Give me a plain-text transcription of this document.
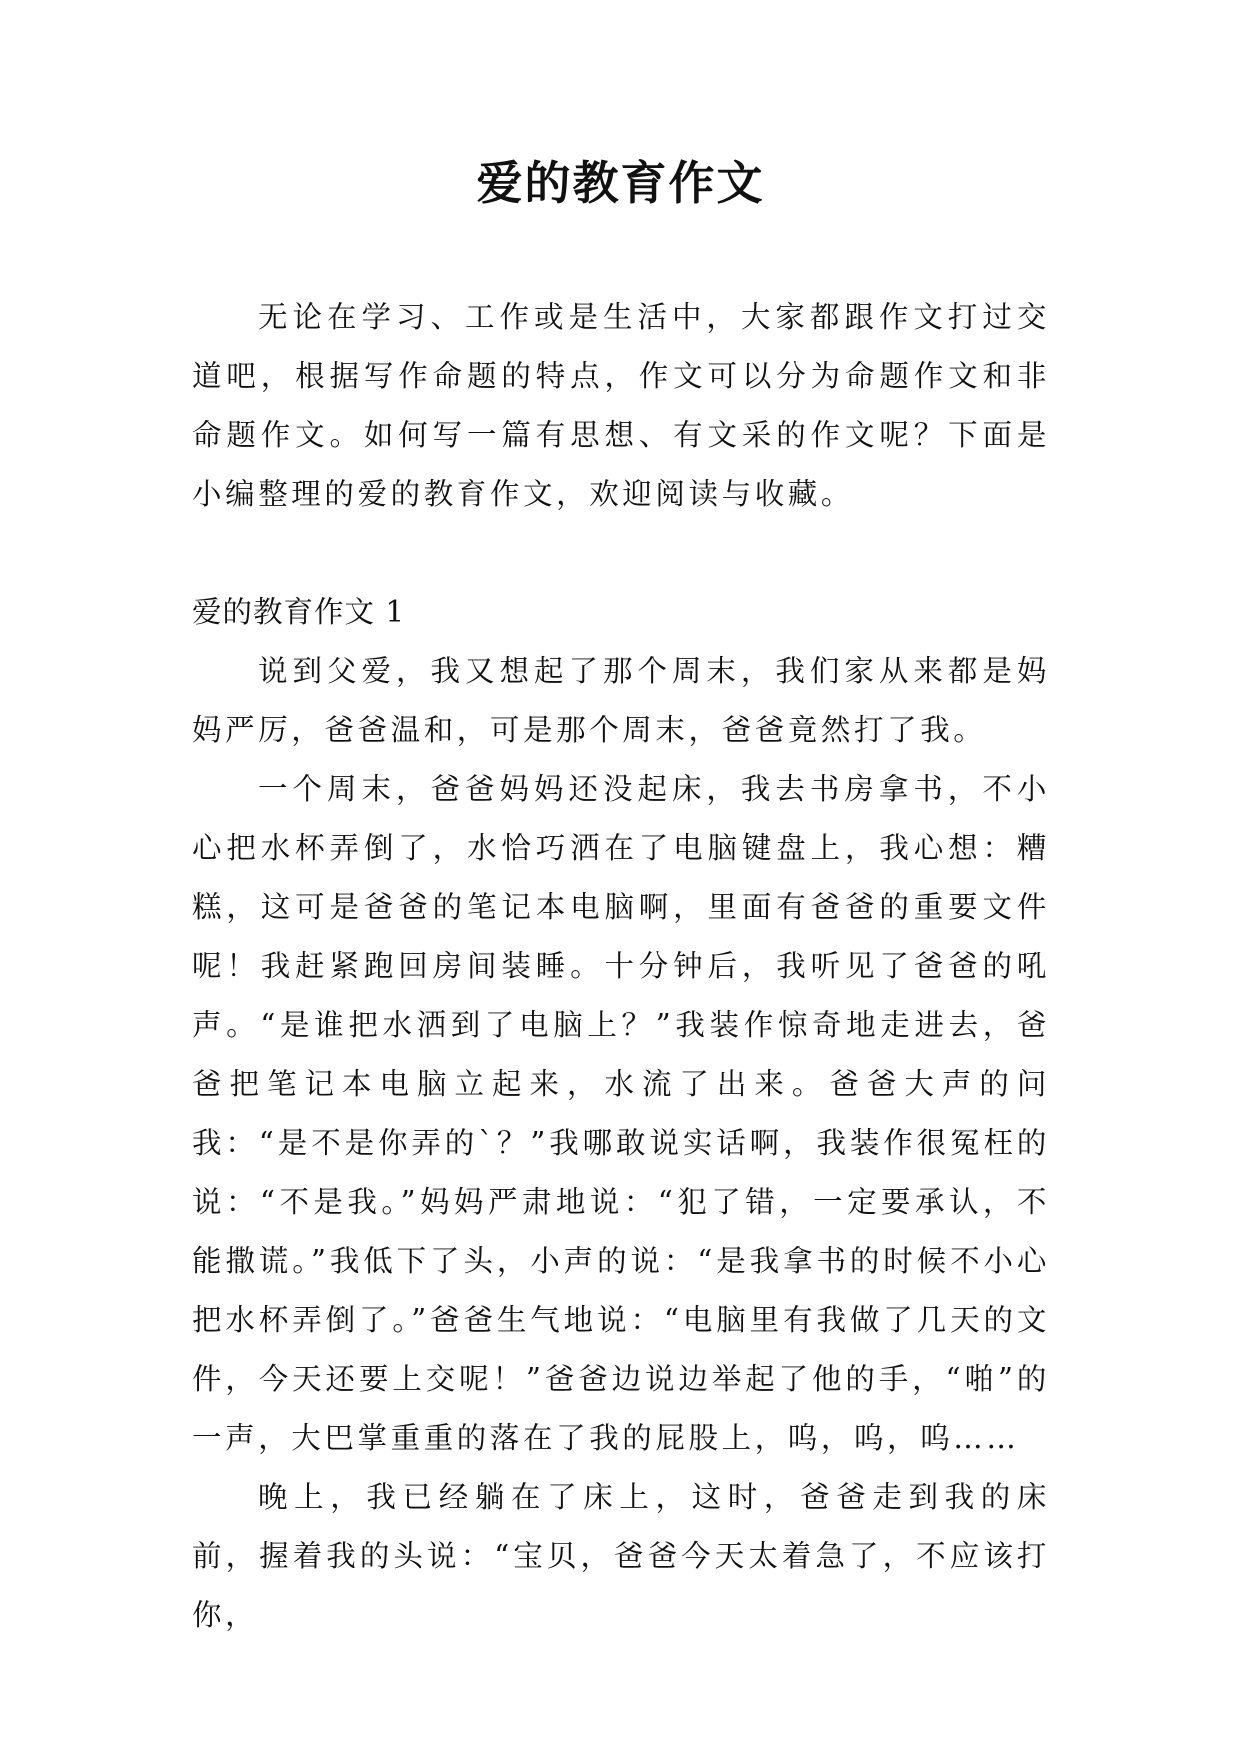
爱的教育作文

无论在学习、工作或是生活中，大家都跟作文打过交道吧，根据写作命题的特点，作文可以分为命题作文和非命题作文。如何写一篇有思想、有文采的作文呢？下面是小编整理的爱的教育作文，欢迎阅读与收藏。

爱的教育作文 1

说到父爱，我又想起了那个周末，我们家从来都是妈妈严厉，爸爸温和，可是那个周末，爸爸竟然打了我。

一个周末，爸爸妈妈还没起床，我去书房拿书，不小心把水杯弄倒了，水恰巧洒在了电脑键盘上，我心想：糟糕，这可是爸爸的笔记本电脑啊，里面有爸爸的重要文件呢！我赶紧跑回房间装睡。十分钟后，我听见了爸爸的吼声。“是谁把水洒到了电脑上？”我装作惊奇地走进去，爸爸把笔记本电脑立起来，水流了出来。爸爸大声的问我：“是不是你弄的`？”我哪敢说实话啊，我装作很冤枉的说：“不是我。”妈妈严肃地说：“犯了错，一定要承认，不能撒谎。”我低下了头，小声的说：“是我拿书的时候不小心把水杯弄倒了。”爸爸生气地说：“电脑里有我做了几天的文件，今天还要上交呢！”爸爸边说边举起了他的手，“啪”的一声，大巴掌重重的落在了我的屁股上，呜，呜，呜……

晚上，我已经躺在了床上，这时，爸爸走到我的床前，握着我的头说：“宝贝，爸爸今天太着急了，不应该打你，
